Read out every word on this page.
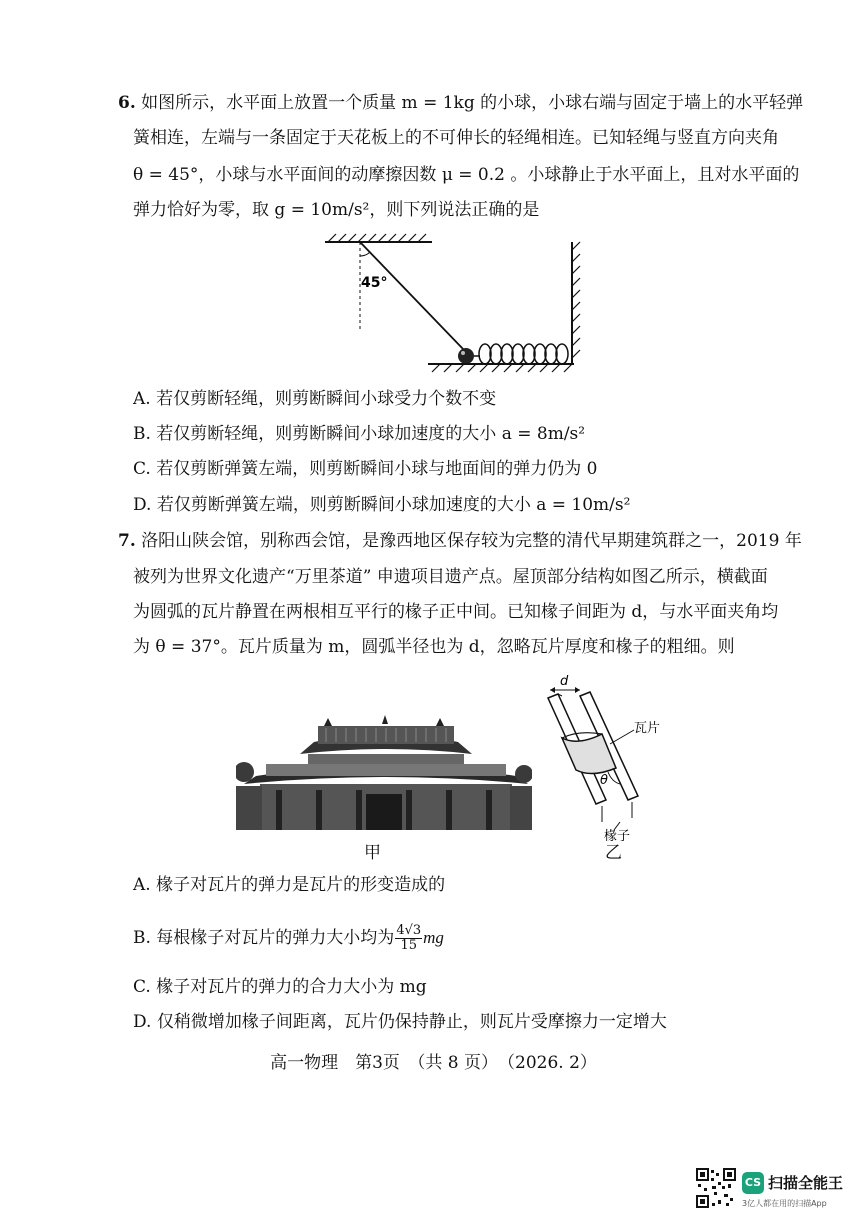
6. 如图所示，水平面上放置一个质量 m = 1kg 的小球，小球右端与固定于墙上的水平轻弹
簧相连，左端与一条固定于天花板上的不可伸长的轻绳相连。已知轻绳与竖直方向夹角
θ = 45°，小球与水平面间的动摩擦因数 μ = 0.2 。小球静止于水平面上，且对水平面的
弹力恰好为零，取 g = 10m/s²，则下列说法正确的是
45°
A. 若仅剪断轻绳，则剪断瞬间小球受力个数不变
B. 若仅剪断轻绳，则剪断瞬间小球加速度的大小 a = 8m/s²
C. 若仅剪断弹簧左端，则剪断瞬间小球与地面间的弹力仍为 0
D. 若仅剪断弹簧左端，则剪断瞬间小球加速度的大小 a = 10m/s²
7. 洛阳山陕会馆，别称西会馆，是豫西地区保存较为完整的清代早期建筑群之一，2019 年
被列为世界文化遗产“万里茶道” 申遗项目遗产点。屋顶部分结构如图乙所示，横截面
为圆弧的瓦片静置在两根相互平行的椽子正中间。已知椽子间距为 d，与水平面夹角均
为 θ = 37°。瓦片质量为 m，圆弧半径也为 d，忽略瓦片厚度和椽子的粗细。则
甲
d
瓦片
θ
椽子
乙
A. 椽子对瓦片的弹力是瓦片的形变造成的
B. 每根椽子对瓦片的弹力大小均为 $\frac{4√3}{15}$ mg
C. 椽子对瓦片的弹力的合力大小为 mg
D. 仅稍微增加椽子间距离，瓦片仍保持静止，则瓦片受摩擦力一定增大
高一物理　第3页　（共 8 页）　（2026. 2）
CS 扫描全能王
3亿人都在用的扫描App
